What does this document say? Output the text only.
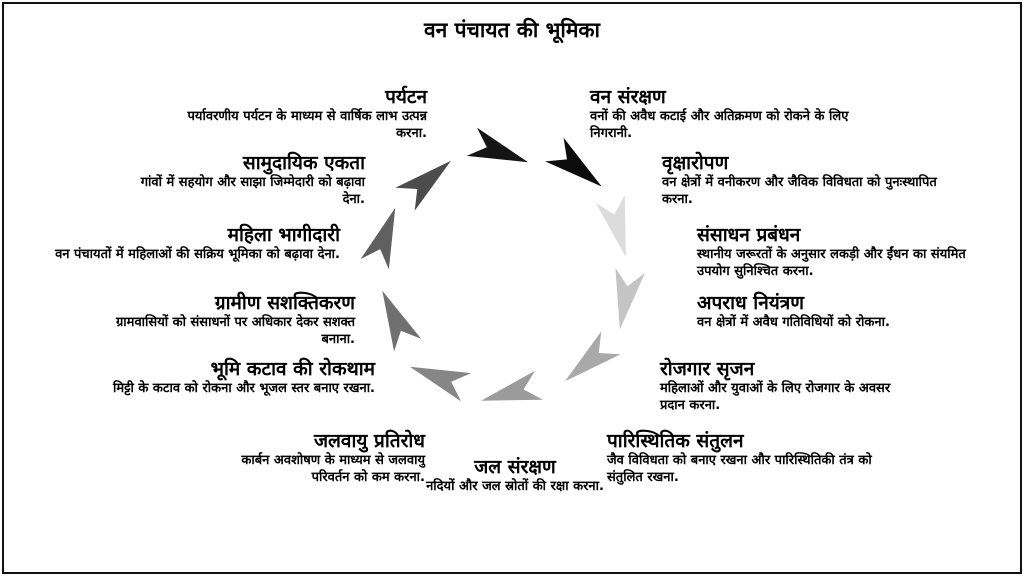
वन पंचायत की भूमिका
वन संरक्षण
वनों की अवैध कटाई और अतिक्रमण को रोकने के लिए निगरानी.
वृक्षारोपण
वन क्षेत्रों में वनीकरण और जैविक विविधता को पुनःस्थापित करना.
संसाधन प्रबंधन
स्थानीय जरूरतों के अनुसार लकड़ी और ईंधन का संयमित उपयोग सुनिश्चित करना.
अपराध नियंत्रण
वन क्षेत्रों में अवैध गतिविधियों को रोकना.
रोजगार सृजन
महिलाओं और युवाओं के लिए रोजगार के अवसर प्रदान करना.
पारिस्थितिक संतुलन
जैव विविधता को बनाए रखना और पारिस्थितिकी तंत्र को संतुलित रखना.
जल संरक्षण
नदियों और जल स्रोतों की रक्षा करना.
जलवायु प्रतिरोध
कार्बन अवशोषण के माध्यम से जलवायु परिवर्तन को कम करना.
भूमि कटाव की रोकथाम
मिट्टी के कटाव को रोकना और भूजल स्तर बनाए रखना.
ग्रामीण सशक्तिकरण
ग्रामवासियों को संसाधनों पर अधिकार देकर सशक्त बनाना.
महिला भागीदारी
वन पंचायतों में महिलाओं की सक्रिय भूमिका को बढ़ावा देना.
सामुदायिक एकता
गांवों में सहयोग और साझा जिम्मेदारी को बढ़ावा देना.
पर्यटन
पर्यावरणीय पर्यटन के माध्यम से वार्षिक लाभ उत्पन्न करना.
